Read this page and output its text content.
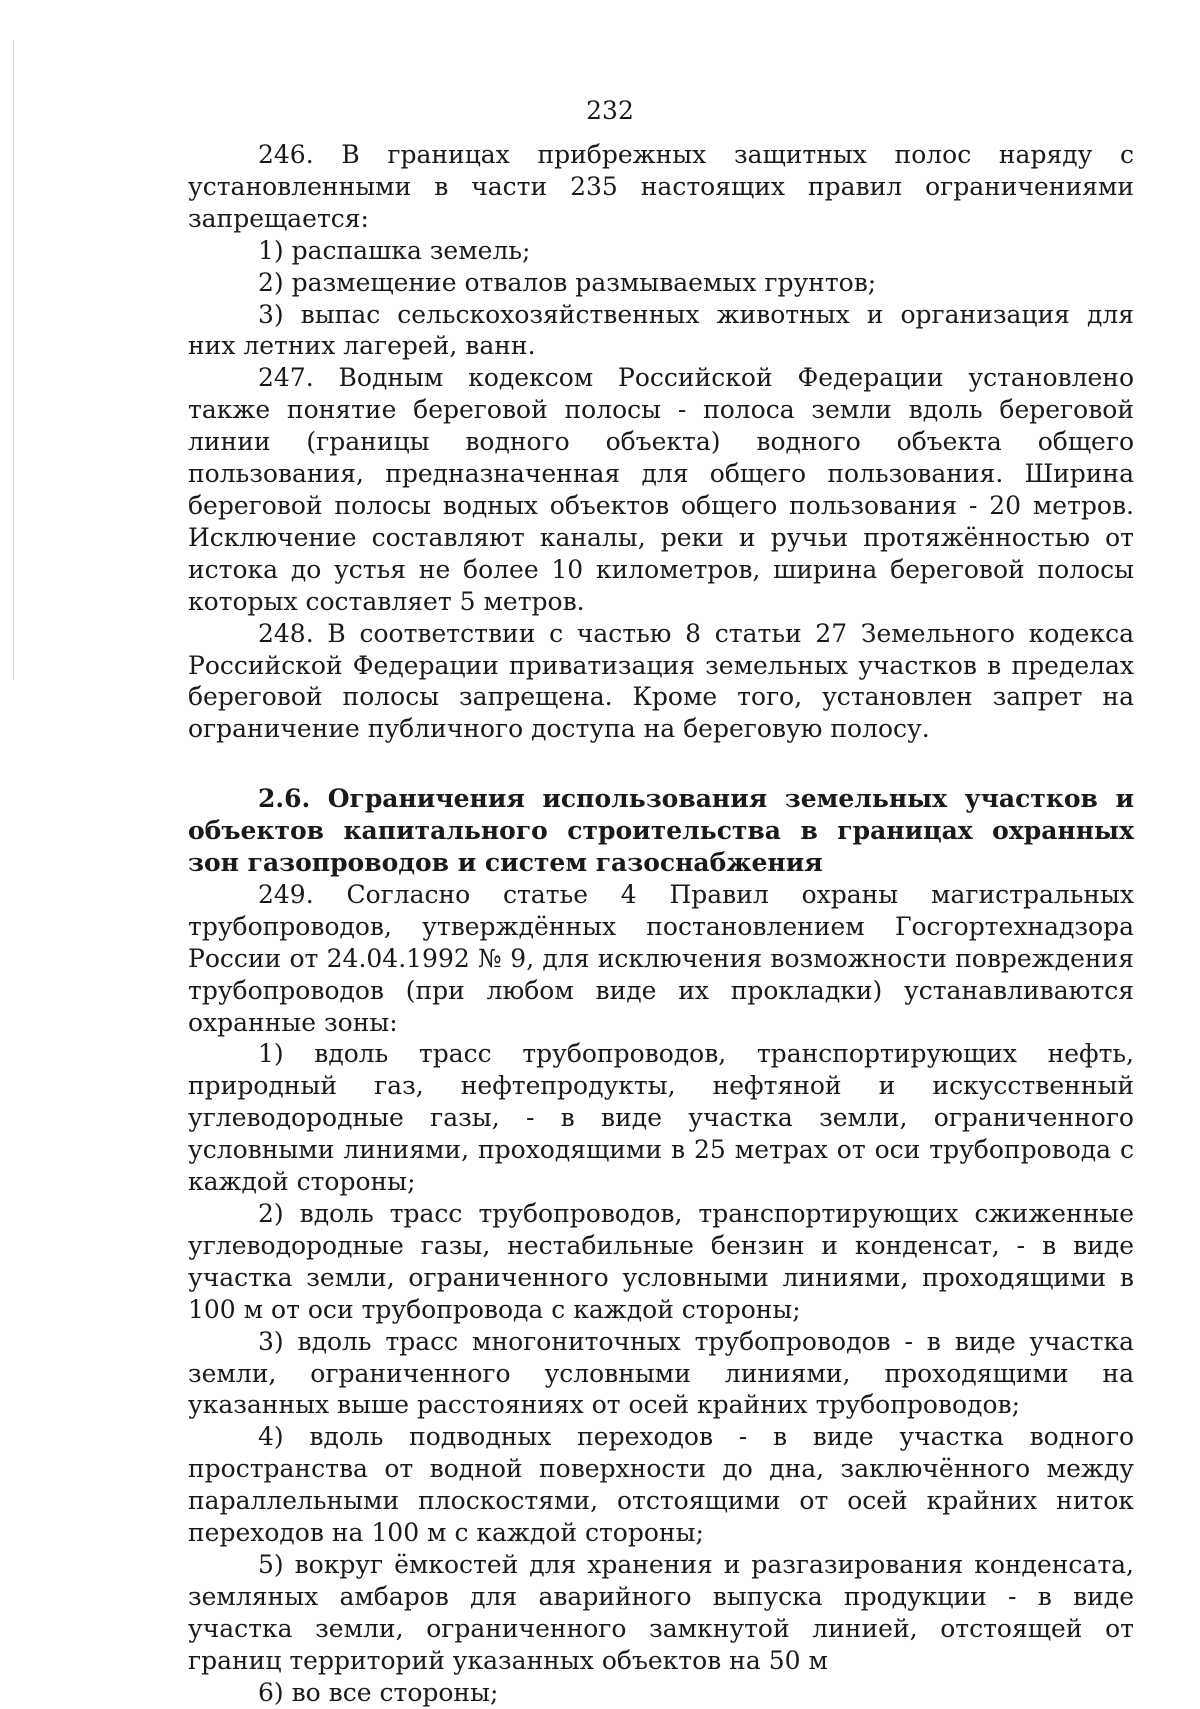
232

246. В границах прибрежных защитных полос наряду с установленными в части 235 настоящих правил ограничениями запрещается:

1) распашка земель;

2) размещение отвалов размываемых грунтов;

3) выпас сельскохозяйственных животных и организация для них летних лагерей, ванн.

247. Водным кодексом Российской Федерации установлено также понятие береговой полосы - полоса земли вдоль береговой линии (границы водного объекта) водного объекта общего пользования, предназначенная для общего пользования. Ширина береговой полосы водных объектов общего пользования - 20 метров. Исключение составляют каналы, реки и ручьи протяжённостью от истока до устья не более 10 километров, ширина береговой полосы которых составляет 5 метров.

248. В соответствии с частью 8 статьи 27 Земельного кодекса Российской Федерации приватизация земельных участков в пределах береговой полосы запрещена. Кроме того, установлен запрет на ограничение публичного доступа на береговую полосу.

2.6. Ограничения использования земельных участков и объектов капитального строительства в границах охранных зон газопроводов и систем газоснабжения

249. Согласно статье 4 Правил охраны магистральных трубопроводов, утверждённых постановлением Госгортехнадзора России от 24.04.1992 № 9, для исключения возможности повреждения трубопроводов (при любом виде их прокладки) устанавливаются охранные зоны:

1) вдоль трасс трубопроводов, транспортирующих нефть, природный газ, нефтепродукты, нефтяной и искусственный углеводородные газы, - в виде участка земли, ограниченного условными линиями, проходящими в 25 метрах от оси трубопровода с каждой стороны;

2) вдоль трасс трубопроводов, транспортирующих сжиженные углеводородные газы, нестабильные бензин и конденсат, - в виде участка земли, ограниченного условными линиями, проходящими в 100 м от оси трубопровода с каждой стороны;

3) вдоль трасс многониточных трубопроводов - в виде участка земли, ограниченного условными линиями, проходящими на указанных выше расстояниях от осей крайних трубопроводов;

4) вдоль подводных переходов - в виде участка водного пространства от водной поверхности до дна, заключённого между параллельными плоскостями, отстоящими от осей крайних ниток переходов на 100 м с каждой стороны;

5) вокруг ёмкостей для хранения и разгазирования конденсата, земляных амбаров для аварийного выпуска продукции - в виде участка земли, ограниченного замкнутой линией, отстоящей от границ территорий указанных объектов на 50 м

6) во все стороны;
